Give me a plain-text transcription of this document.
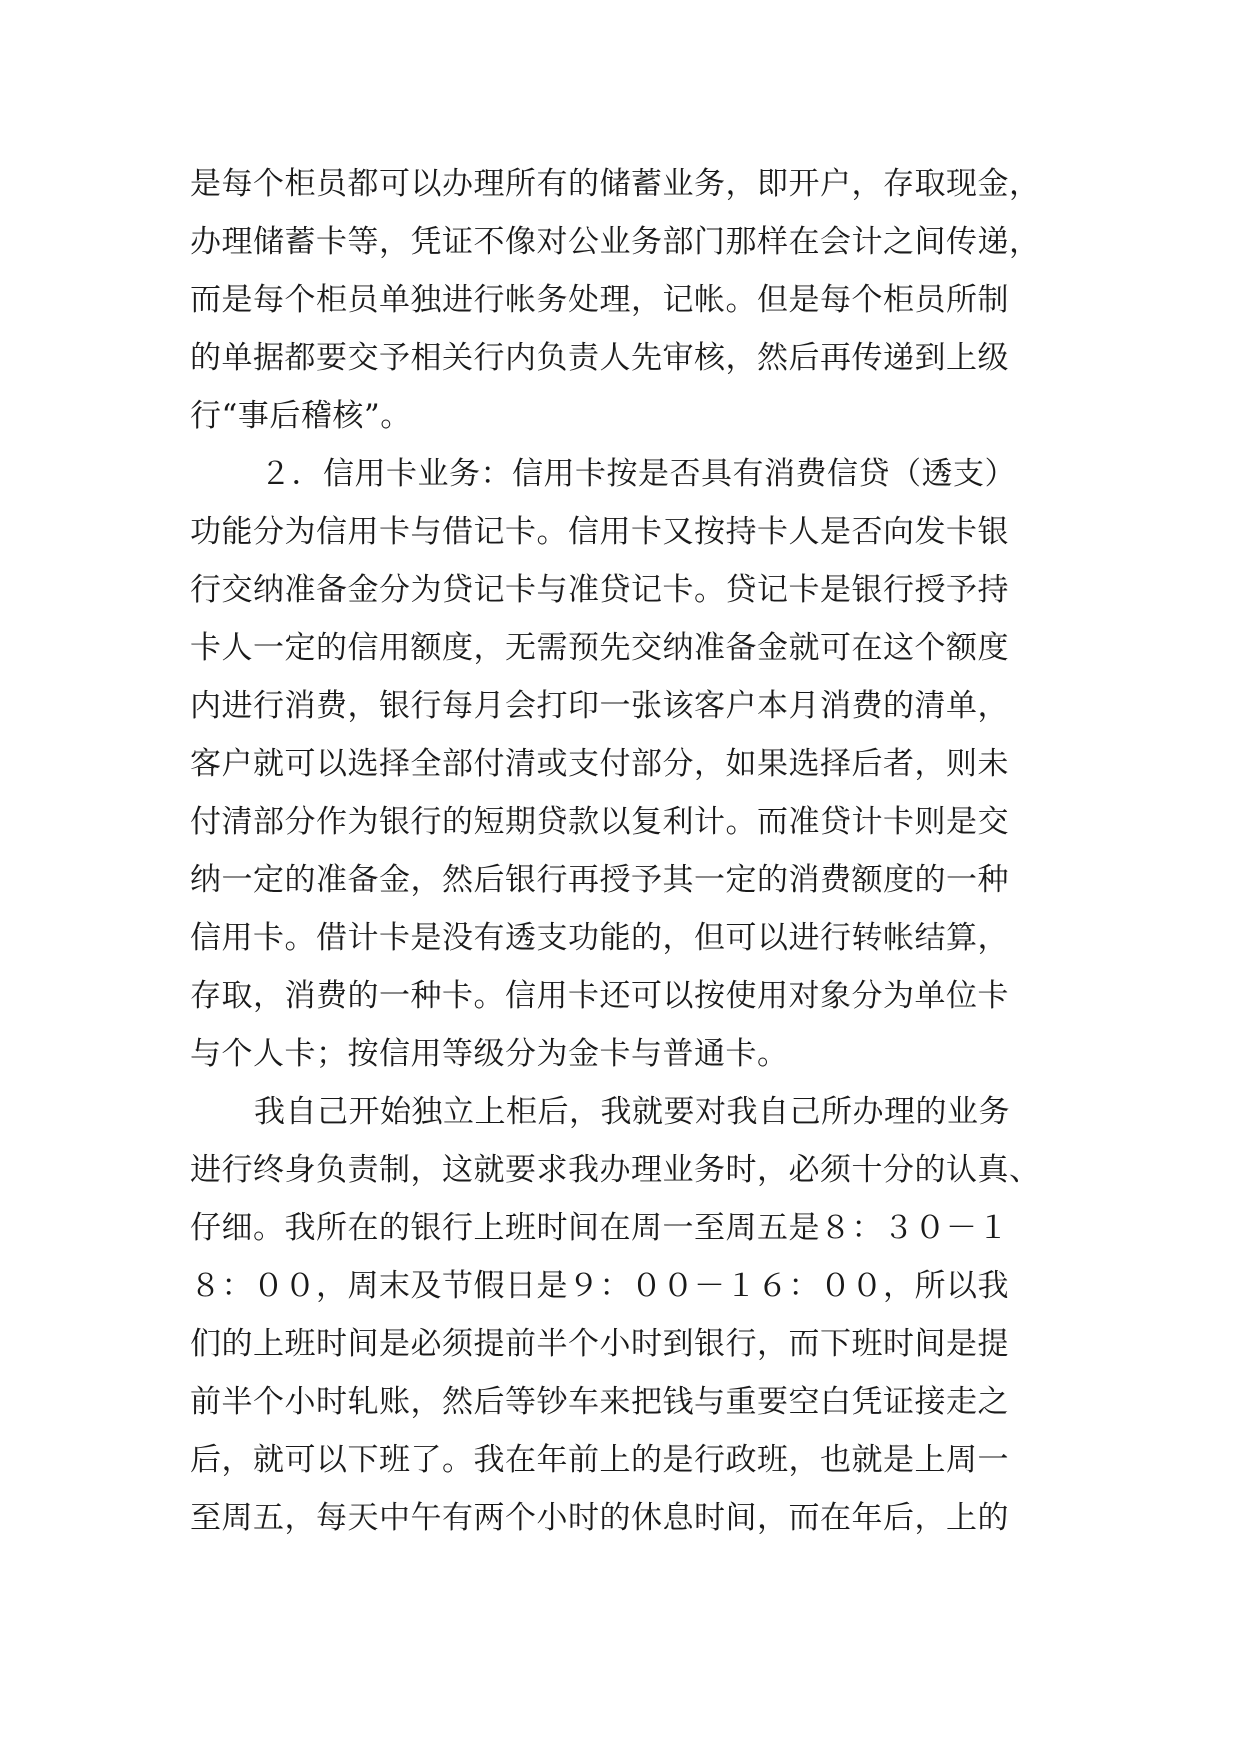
是每个柜员都可以办理所有的储蓄业务，即开户，存取现金，
办理储蓄卡等，凭证不像对公业务部门那样在会计之间传递，
而是每个柜员单独进行帐务处理，记帐。但是每个柜员所制
的单据都要交予相关行内负责人先审核，然后再传递到上级
行“事后稽核”。
２．信用卡业务：信用卡按是否具有消费信贷（透支）
功能分为信用卡与借记卡。信用卡又按持卡人是否向发卡银
行交纳准备金分为贷记卡与准贷记卡。贷记卡是银行授予持
卡人一定的信用额度，无需预先交纳准备金就可在这个额度
内进行消费，银行每月会打印一张该客户本月消费的清单，
客户就可以选择全部付清或支付部分，如果选择后者，则未
付清部分作为银行的短期贷款以复利计。而准贷计卡则是交
纳一定的准备金，然后银行再授予其一定的消费额度的一种
信用卡。借计卡是没有透支功能的，但可以进行转帐结算，
存取，消费的一种卡。信用卡还可以按使用对象分为单位卡
与个人卡；按信用等级分为金卡与普通卡。
我自己开始独立上柜后，我就要对我自己所办理的业务
进行终身负责制，这就要求我办理业务时，必须十分的认真、
仔细。我所在的银行上班时间在周一至周五是８：３０－１
８：００，周末及节假日是９：００－１６：００，所以我
们的上班时间是必须提前半个小时到银行，而下班时间是提
前半个小时轧账，然后等钞车来把钱与重要空白凭证接走之
后，就可以下班了。我在年前上的是行政班，也就是上周一
至周五，每天中午有两个小时的休息时间，而在年后，上的
